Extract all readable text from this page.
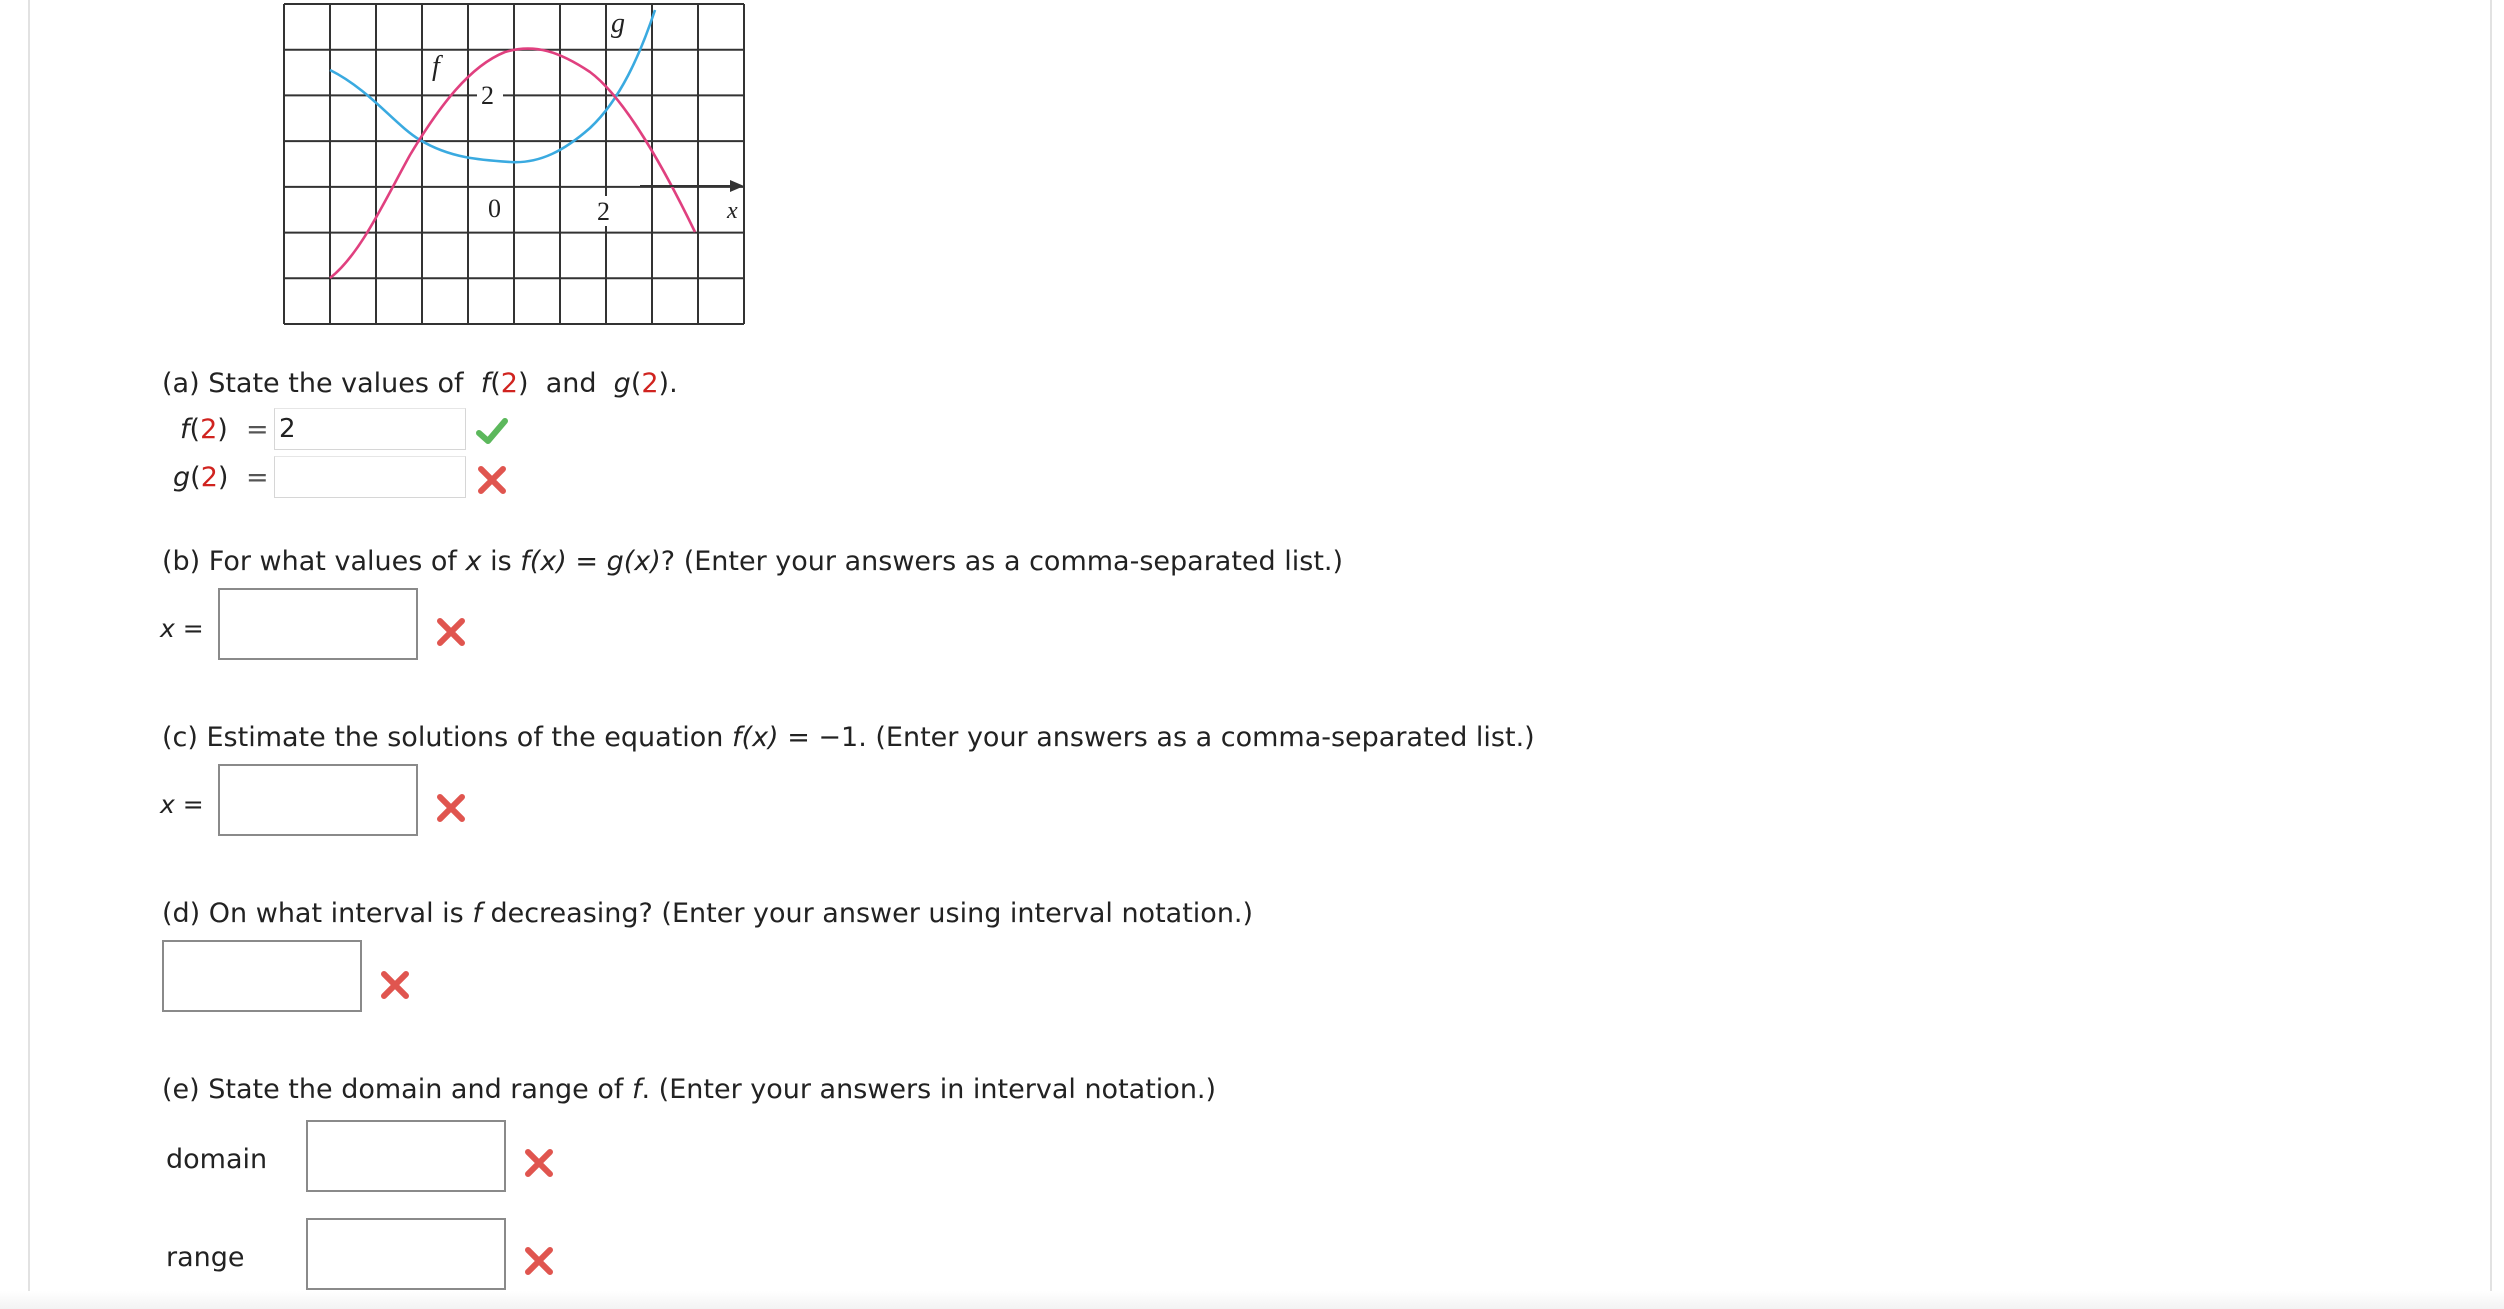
f
g
2
0	2	x
(a) State the values of f(2) and g(2).
f(2) =
2
g(2) =
(b) For what values of x is f(x) = g(x)? (Enter your answers as a comma-separated list.)
x =
(c) Estimate the solutions of the equation f(x) = −1. (Enter your answers as a comma-separated list.)
x =
(d) On what interval is f decreasing? (Enter your answer using interval notation.)
(e) State the domain and range of f. (Enter your answers in interval notation.)
domain
range
